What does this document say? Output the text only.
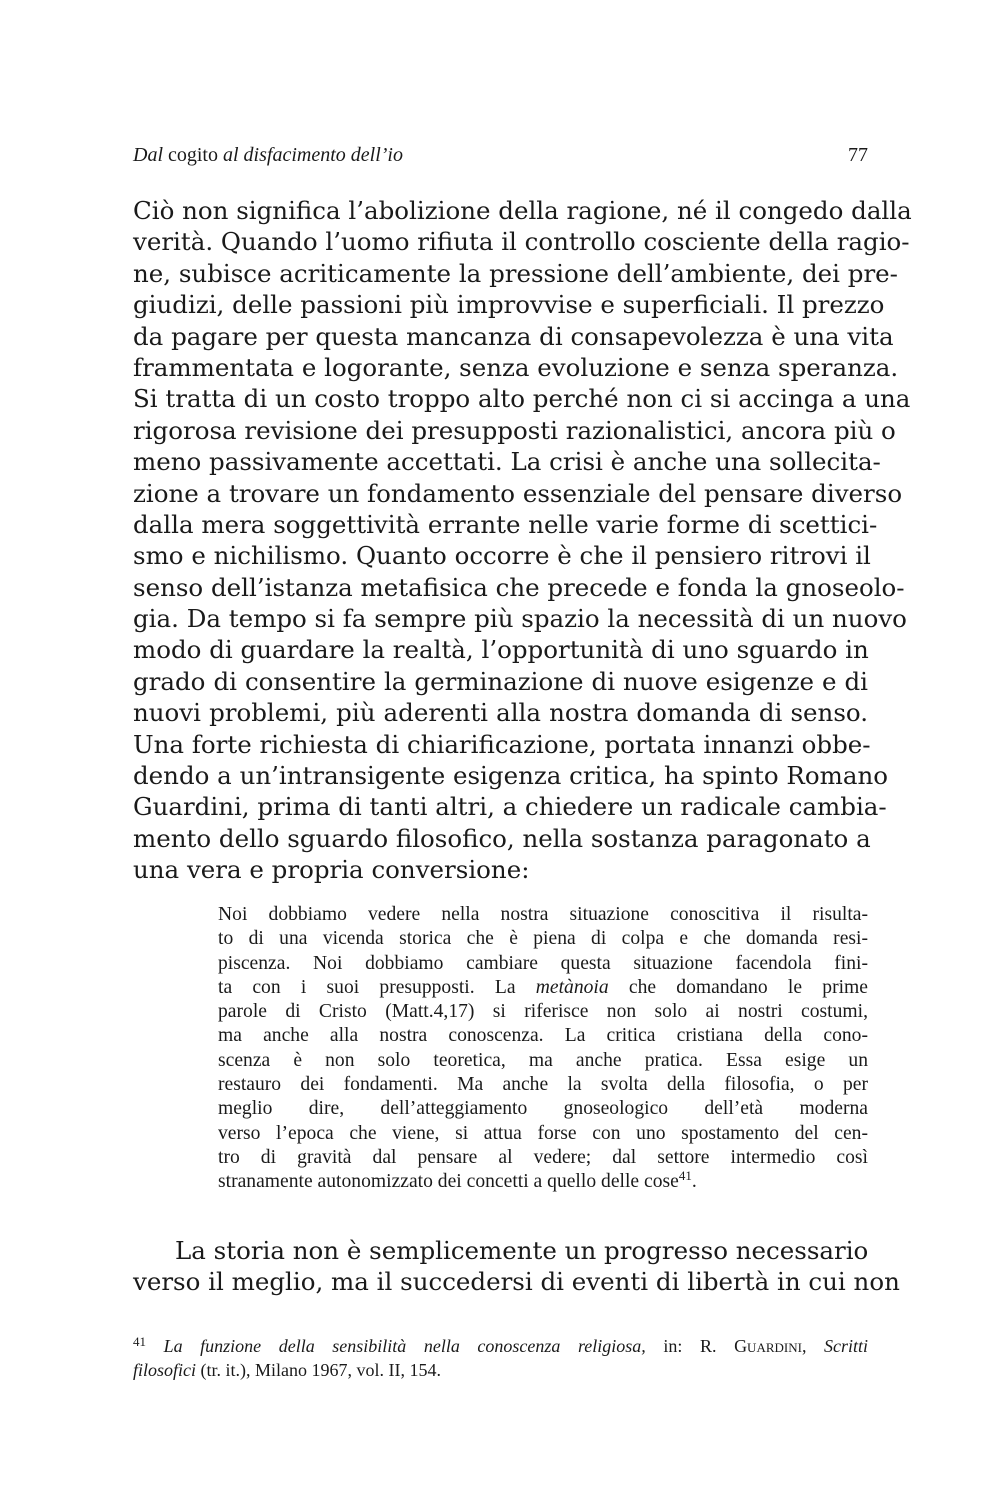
Dal cogito al disfacimento dell’io	77
Ciò non significa l’abolizione della ragione, né il congedo dalla
verità. Quando l’uomo rifiuta il controllo cosciente della ragio-
ne, subisce acriticamente la pressione dell’ambiente, dei pre-
giudizi, delle passioni più improvvise e superficiali. Il prezzo
da pagare per questa mancanza di consapevolezza è una vita
frammentata e logorante, senza evoluzione e senza speranza.
Si tratta di un costo troppo alto perché non ci si accinga a una
rigorosa revisione dei presupposti razionalistici, ancora più o
meno passivamente accettati. La crisi è anche una sollecita-
zione a trovare un fondamento essenziale del pensare diverso
dalla mera soggettività errante nelle varie forme di scettici-
smo e nichilismo. Quanto occorre è che il pensiero ritrovi il
senso dell’istanza metafisica che precede e fonda la gnoseolo-
gia. Da tempo si fa sempre più spazio la necessità di un nuovo
modo di guardare la realtà, l’opportunità di uno sguardo in
grado di consentire la germinazione di nuove esigenze e di
nuovi problemi, più aderenti alla nostra domanda di senso.
Una forte richiesta di chiarificazione, portata innanzi obbe-
dendo a un’intransigente esigenza critica, ha spinto Romano
Guardini, prima di tanti altri, a chiedere un radicale cambia-
mento dello sguardo filosofico, nella sostanza paragonato a
una vera e propria conversione:
Noi dobbiamo vedere nella nostra situazione conoscitiva il risulta-
to di una vicenda storica che è piena di colpa e che domanda resi-
piscenza. Noi dobbiamo cambiare questa situazione facendola fini-
ta con i suoi presupposti. La metànoia che domandano le prime
parole di Cristo (Matt.4,17) si riferisce non solo ai nostri costumi,
ma anche alla nostra conoscenza. La critica cristiana della cono-
scenza è non solo teoretica, ma anche pratica. Essa esige un
restauro dei fondamenti. Ma anche la svolta della filosofia, o per
meglio dire, dell’atteggiamento gnoseologico dell’età moderna
verso l’epoca che viene, si attua forse con uno spostamento del cen-
tro di gravità dal pensare al vedere; dal settore intermedio così
stranamente autonomizzato dei concetti a quello delle cose$^{41}$.
La storia non è semplicemente un progresso necessario
verso il meglio, ma il succedersi di eventi di libertà in cui non
$^{41}$ La funzione della sensibilità nella conoscenza religiosa, in: R. Guardini, Scritti
filosofici (tr. it.), Milano 1967, vol. II, 154.
